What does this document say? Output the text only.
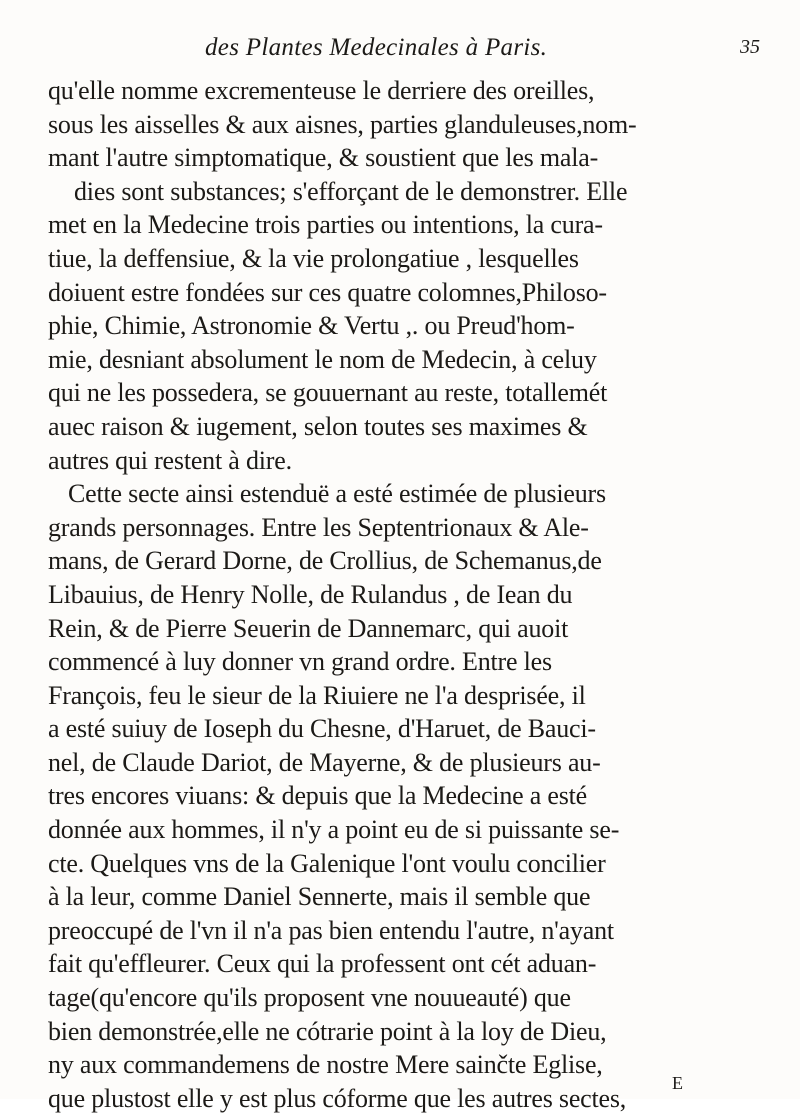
des Plantes Medecinales à Paris.	35
qu'elle nomme excrementeuse le derriere des oreilles,
sous les aisselles & aux aisnes, parties glanduleuses,nom-
mant l'autre simptomatique, & soustient que les mala-
dies sont substances; s'efforçant de le demonstrer. Elle
met en la Medecine trois parties ou intentions, la cura-
tiue, la deffensiue, & la vie prolongatiue , lesquelles
doiuent estre fondées sur ces quatre colomnes,Philoso-
phie, Chimie, Astronomie & Vertu ,. ou Preud'hom-
mie, desniant absolument le nom de Medecin, à celuy
qui ne les possedera, se gouuernant au reste, totallemét
auec raison & iugement, selon toutes ses maximes &
autres qui restent à dire.
Cette secte ainsi estenduë a esté estimée de plusieurs
grands personnages. Entre les Septentrionaux & Ale-
mans, de Gerard Dorne, de Crollius, de Schemanus,de
Libauius, de Henry Nolle, de Rulandus , de Iean du
Rein, & de Pierre Seuerin de Dannemarc, qui auoit
commencé à luy donner vn grand ordre. Entre les
François, feu le sieur de la Riuiere ne l'a desprisée, il
a esté suiuy de Ioseph du Chesne, d'Haruet, de Bauci-
nel, de Claude Dariot, de Mayerne, & de plusieurs au-
tres encores viuans: & depuis que la Medecine a esté
donnée aux hommes, il n'y a point eu de si puissante se-
cte. Quelques vns de la Galenique l'ont voulu concilier
à la leur, comme Daniel Sennerte, mais il semble que
preoccupé de l'vn il n'a pas bien entendu l'autre, n'ayant
fait qu'effleurer. Ceux qui la professent ont cét aduan-
tage(qu'encore qu'ils proposent vne nouueauté) que
bien demonstrée,elle ne cótrarie point à la loy de Dieu,
ny aux commandemens de nostre Mere sainčte Eglise,
que plustost elle y est plus cóforme que les autres sectes,
E
